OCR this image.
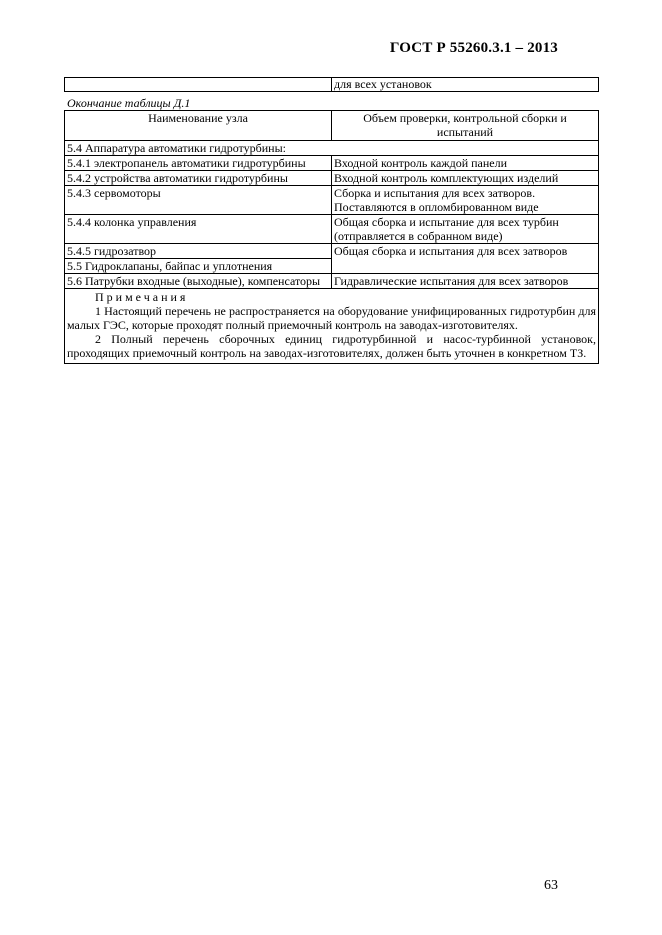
ГОСТ Р 55260.3.1 – 2013
	для всех установок
Окончание таблицы Д.1
Наименование узла	Объем проверки, контрольной сборки и испытаний
5.4 Аппаратура автоматики гидротурбины:	
5.4.1 электропанель автоматики гидротурбины	Входной контроль каждой панели
5.4.2 устройства автоматики гидротурбины	Входной контроль комплектующих изделий
5.4.3 сервомоторы	Сборка и испытания для всех затворов. Поставляются в опломбированном виде
5.4.4 колонка управления	Общая сборка и испытание для всех турбин (отправляется в собранном виде)
5.4.5 гидрозатвор	Общая сборка и испытания для всех затворов
5.5 Гидроклапаны, байпас и уплотнения	
5.6 Патрубки входные (выходные), компенсаторы	Гидравлические испытания для всех затворов

Примечания

1 Настоящий перечень не распространяется на оборудование унифицированных гидротурбин для малых ГЭС, которые проходят полный приемочный контроль на заводах-изготовителях.

2 Полный перечень сборочных единиц гидротурбинной и насос-турбинной установок, проходящих приемочный контроль на заводах-изготовителях, должен быть уточнен в конкретном ТЗ.	

63
